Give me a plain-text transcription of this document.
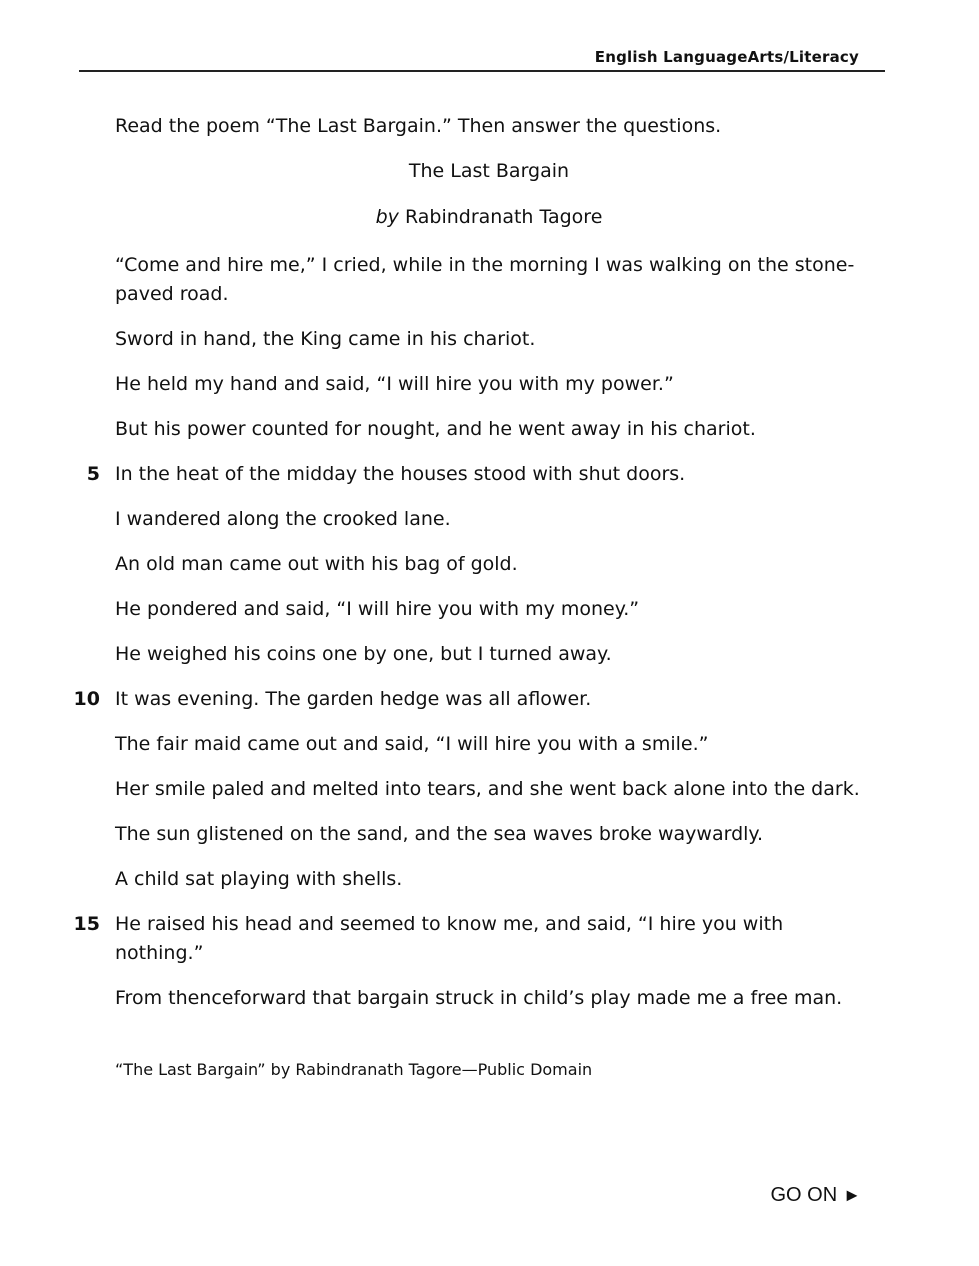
English LanguageArts/Literacy
Read the poem “The Last Bargain.” Then answer the questions.
The Last Bargain
by Rabindranath Tagore
“Come and hire me,” I cried, while in the morning I was walking on the stone-paved road.
Sword in hand, the King came in his chariot.
He held my hand and said, “I will hire you with my power.”
But his power counted for nought, and he went away in his chariot.
5 In the heat of the midday the houses stood with shut doors.
I wandered along the crooked lane.
An old man came out with his bag of gold.
He pondered and said, “I will hire you with my money.”
He weighed his coins one by one, but I turned away.
10 It was evening. The garden hedge was all aflower.
The fair maid came out and said, “I will hire you with a smile.”
Her smile paled and melted into tears, and she went back alone into the dark.
The sun glistened on the sand, and the sea waves broke waywardly.
A child sat playing with shells.
15 He raised his head and seemed to know me, and said, “I hire you with nothing.”
From thenceforward that bargain struck in child’s play made me a free man.
“The Last Bargain” by Rabindranath Tagore—Public Domain
GO ON ►
